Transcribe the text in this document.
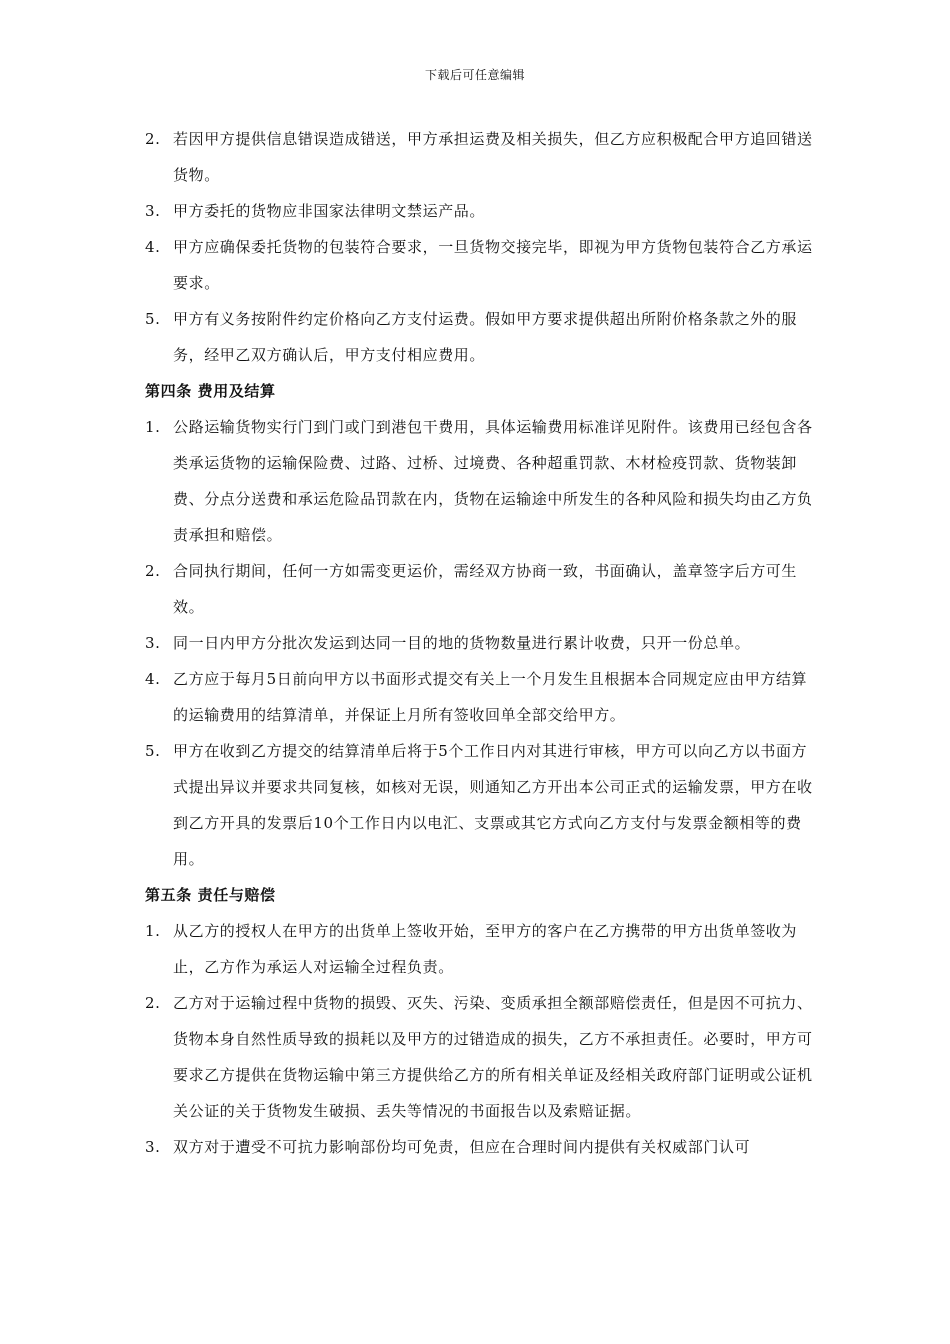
下载后可任意编辑
2. 若因甲方提供信息错误造成错送，甲方承担运费及相关损失，但乙方应积极配合甲方追回错送货物。
3. 甲方委托的货物应非国家法律明文禁运产品。
4. 甲方应确保委托货物的包装符合要求，一旦货物交接完毕，即视为甲方货物包装符合乙方承运要求。
5. 甲方有义务按附件约定价格向乙方支付运费。假如甲方要求提供超出所附价格条款之外的服务，经甲乙双方确认后，甲方支付相应费用。
第四条 费用及结算
1. 公路运输货物实行门到门或门到港包干费用，具体运输费用标准详见附件。该费用已经包含各类承运货物的运输保险费、过路、过桥、过境费、各种超重罚款、木材检疫罚款、货物装卸费、分点分送费和承运危险品罚款在内，货物在运输途中所发生的各种风险和损失均由乙方负责承担和赔偿。
2. 合同执行期间，任何一方如需变更运价，需经双方协商一致，书面确认，盖章签字后方可生效。
3. 同一日内甲方分批次发运到达同一目的地的货物数量进行累计收费，只开一份总单。
4. 乙方应于每月5日前向甲方以书面形式提交有关上一个月发生且根据本合同规定应由甲方结算的运输费用的结算清单，并保证上月所有签收回单全部交给甲方。
5. 甲方在收到乙方提交的结算清单后将于5个工作日内对其进行审核，甲方可以向乙方以书面方式提出异议并要求共同复核，如核对无误，则通知乙方开出本公司正式的运输发票，甲方在收到乙方开具的发票后10个工作日内以电汇、支票或其它方式向乙方支付与发票金额相等的费用。
第五条 责任与赔偿
1. 从乙方的授权人在甲方的出货单上签收开始，至甲方的客户在乙方携带的甲方出货单签收为止，乙方作为承运人对运输全过程负责。
2. 乙方对于运输过程中货物的损毁、灭失、污染、变质承担全额部赔偿责任，但是因不可抗力、货物本身自然性质导致的损耗以及甲方的过错造成的损失，乙方不承担责任。必要时，甲方可要求乙方提供在货物运输中第三方提供给乙方的所有相关单证及经相关政府部门证明或公证机关公证的关于货物发生破损、丢失等情况的书面报告以及索赔证据。
3. 双方对于遭受不可抗力影响部份均可免责，但应在合理时间内提供有关权威部门认可
